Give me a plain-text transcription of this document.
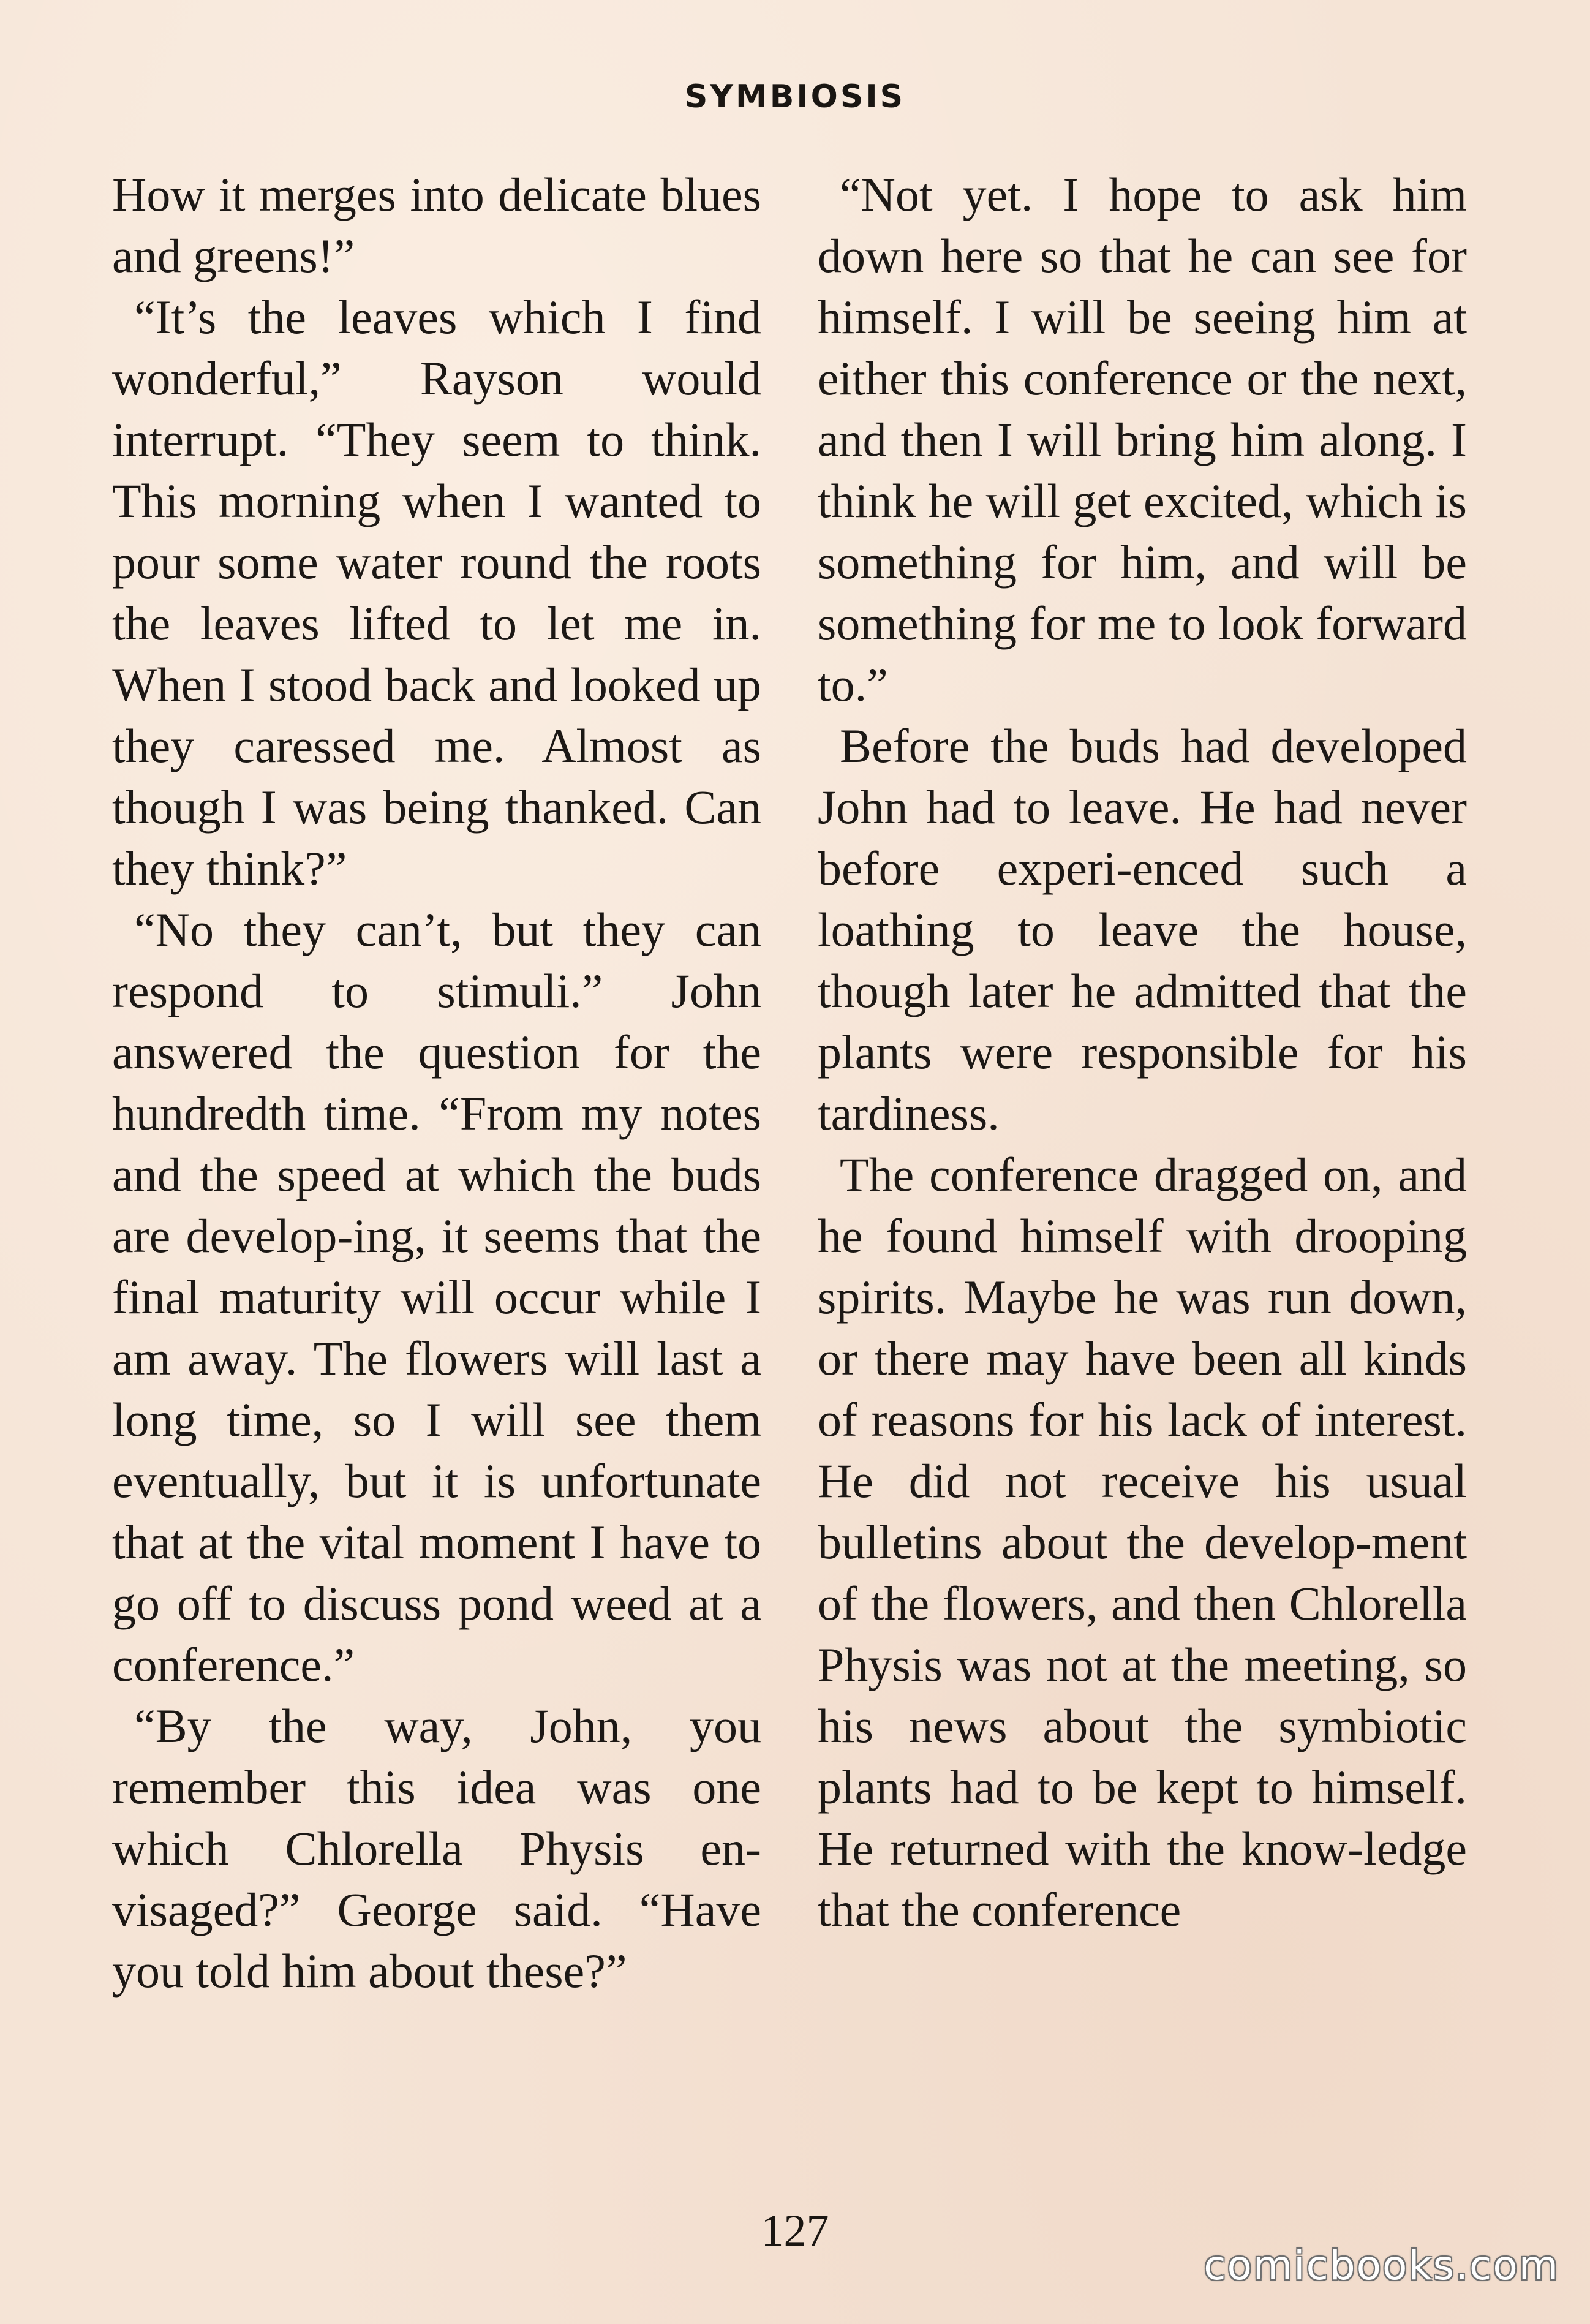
SYMBIOSIS

How it merges into delicate blues and greens!”

“It’s the leaves which I find wonderful,” Rayson would interrupt. “They seem to think. This morning when I wanted to pour some water round the roots the leaves lifted to let me in. When I stood back and looked up they caressed me. Almost as though I was being thanked. Can they think?”

“No they can’t, but they can respond to stimuli.” John answered the question for the hundredth time. “From my notes and the speed at which the buds are develop-ing, it seems that the final maturity will occur while I am away. The flowers will last a long time, so I will see them eventually, but it is unfortunate that at the vital moment I have to go off to discuss pond weed at a conference.”

“By the way, John, you remember this idea was one which Chlorella Physis en-visaged?” George said. “Have you told him about these?”

“Not yet. I hope to ask him down here so that he can see for himself. I will be seeing him at either this conference or the next, and then I will bring him along. I think he will get excited, which is something for him, and will be something for me to look forward to.”

Before the buds had developed John had to leave. He had never before experi-enced such a loathing to leave the house, though later he admitted that the plants were responsible for his tardiness.

The conference dragged on, and he found himself with drooping spirits. Maybe he was run down, or there may have been all kinds of reasons for his lack of interest. He did not receive his usual bulletins about the develop-ment of the flowers, and then Chlorella Physis was not at the meeting, so his news about the symbiotic plants had to be kept to himself. He returned with the know-ledge that the conference

127
comicbooks.com
